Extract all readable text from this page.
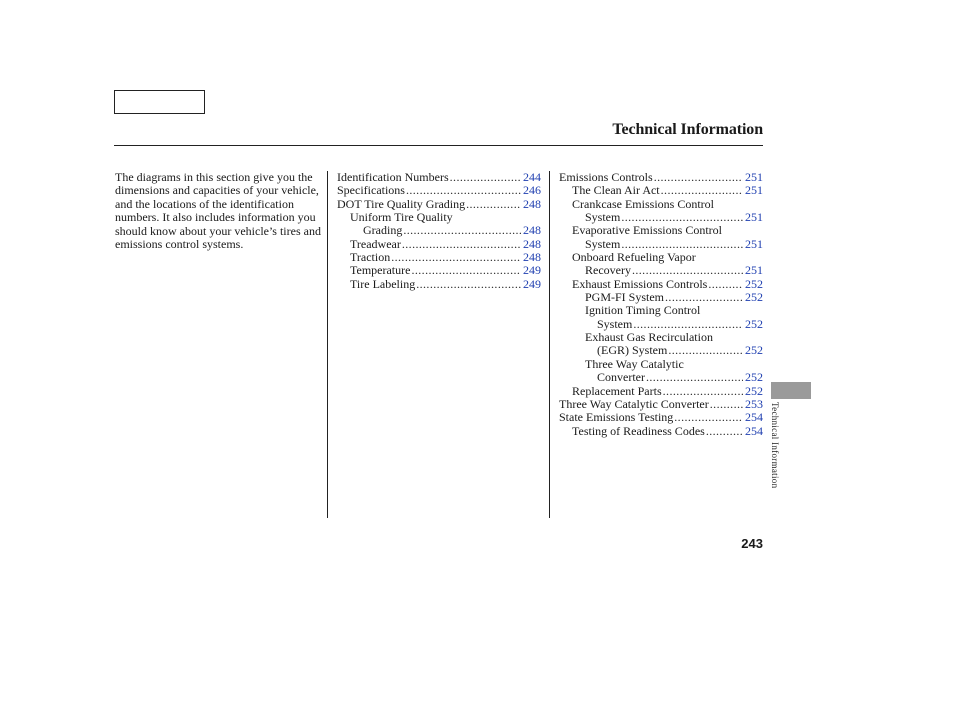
Technical Information

The diagrams in this section give you the dimensions and capacities of your vehicle, and the locations of the identification numbers. It also includes information you should know about your vehicle’s tires and emissions control systems.

Identification Numbers .....	244
Specifications .....	246
DOT Tire Quality Grading .....	248
Uniform Tire Quality
Grading .....	248
Treadwear .....	248
Traction .....	248
Temperature .....	249
Tire Labeling .....	249
Emissions Controls .....	251
The Clean Air Act .....	251
Crankcase Emissions Control
System .....	251
Evaporative Emissions Control
System .....	251
Onboard Refueling Vapor
Recovery .....	251
Exhaust Emissions Controls .....	252
PGM-FI System .....	252
Ignition Timing Control
System .....	252
Exhaust Gas Recirculation
(EGR) System .....	252
Three Way Catalytic
Converter .....	252
Replacement Parts .....	252
Three Way Catalytic Converter .....	253
State Emissions Testing .....	254
Testing of Readiness Codes .....	254 Technical Information
243
